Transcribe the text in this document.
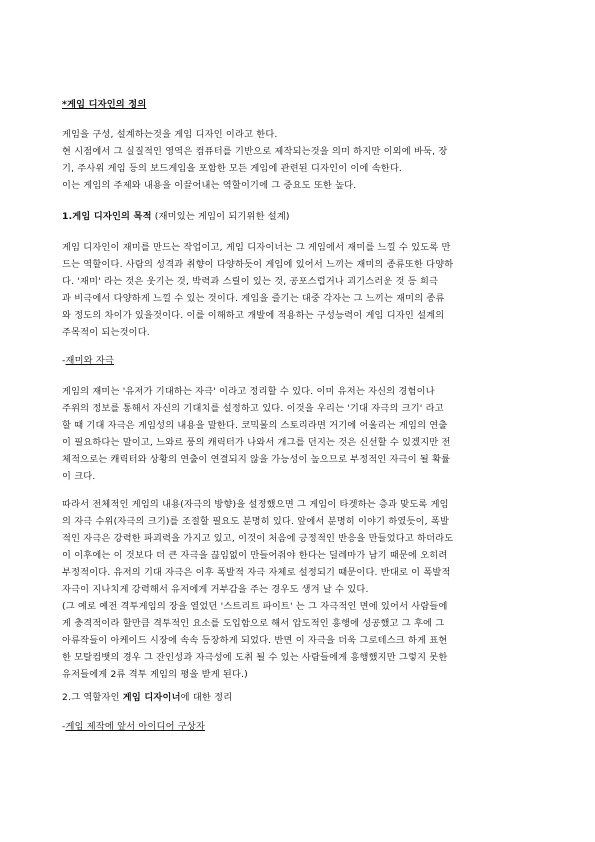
*게임 디자인의 정의
게임을 구성, 설계하는것을 게임 디자인 이라고 한다.
현 시점에서 그 실질적인 영역은 컴퓨터를 기반으로 제작되는것을 의미 하지만 이외에 바둑, 장
기, 주사위 게임 등의 보드게임을 포함한 모든 게임에 관련된 디자인이 이에 속한다.
이는 게임의 주제와 내용을 이끌어내는 역할이기에 그 중요도 또한 높다.
1.게임 디자인의 목적 (재미있는 게임이 되기위한 설계)
게임 디자인이 재미를 만드는 작업이고, 게임 디자이너는 그 게임에서 재미를 느낄 수 있도록 만
드는 역할이다. 사람의 성격과 취향이 다양하듯이 게임에 있어서 느끼는 재미의 종류또한 다양하
다. '재미' 라는 것은 웃기는 것, 박력과 스릴이 있는 것, 공포스럽거나 괴기스러운 것 등 희극
과 비극에서 다양하게 느낄 수 있는 것이다. 게임을 즐기는 대중 각자는 그 느끼는 재미의 종류
와 정도의 차이가 있을것이다. 이를 이해하고 개발에 적용하는 구성능력이 게임 디자인 설계의
주목적이 되는것이다.
-재미와 자극
게임의 재미는 '유저가 기대하는 자극' 이라고 정리할 수 있다. 이미 유저는 자신의 경험이나
주위의 정보를 통해서 자신의 기대치를 설정하고 있다. 이것을 우리는 '기대 자극의 크기' 라고
할 때 기대 자극은 게임성의 내용을 말한다. 코믹물의 스토리라면 거기에 어울리는 게임의 연출
이 필요하다는 말이고, 느와르 풍의 캐릭터가 나와서 개그를 던지는 것은 신선할 수 있겠지만 전
체적으로는 캐릭터와 상황의 연출이 연결되지 않을 가능성이 높으므로 부정적인 자극이 될 확률
이 크다.
따라서 전체적인 게임의 내용(자극의 방향)을 설정했으면 그 게임이 타겟하는 층과 맞도록 게임
의 자극 수위(자극의 크기)를 조절할 필요도 분명히 있다. 앞에서 분명히 이야기 하였듯이, 폭발
적인 자극은 강력한 파괴력을 가지고 있고, 이것이 처음에 긍정적인 반응을 만들었다고 하더라도
이 이후에는 이 것보다 더 큰 자극을 끊임없이 만들어줘야 한다는 딜레마가 남기 때문에 오히려
부정적이다. 유저의 기대 자극은 이후 폭발적 자극 자체로 설정되기 때문이다. 반대로 이 폭발적
자극이 지나치게 강력해서 유저에게 거부감을 주는 경우도 생겨 날 수 있다.
(그 예로 예전 격투게임의 장을 열었던 '스트리트 파이트' 는 그 자극적인 면에 있어서 사람들에
게 충격적이라 할만큼 격투적인 요소를 도입함으로 해서 압도적인 흥행에 성공했고 그 후에 그
아류작들이 아케이드 시장에 속속 등장하게 되었다. 반면 이 자극을 더욱 그로테스크 하게 표현
한 모탈컴뱃의 경우 그 잔인성과 자극성에 도취 될 수 있는 사람들에게 흥행했지만 그렇지 못한
유저들에게 2류 격투 게임의 평을 받게 된다.)
2.그 역할자인 게임 디자이너에 대한 정리
-게임 제작에 앞서 아이디어 구상자
